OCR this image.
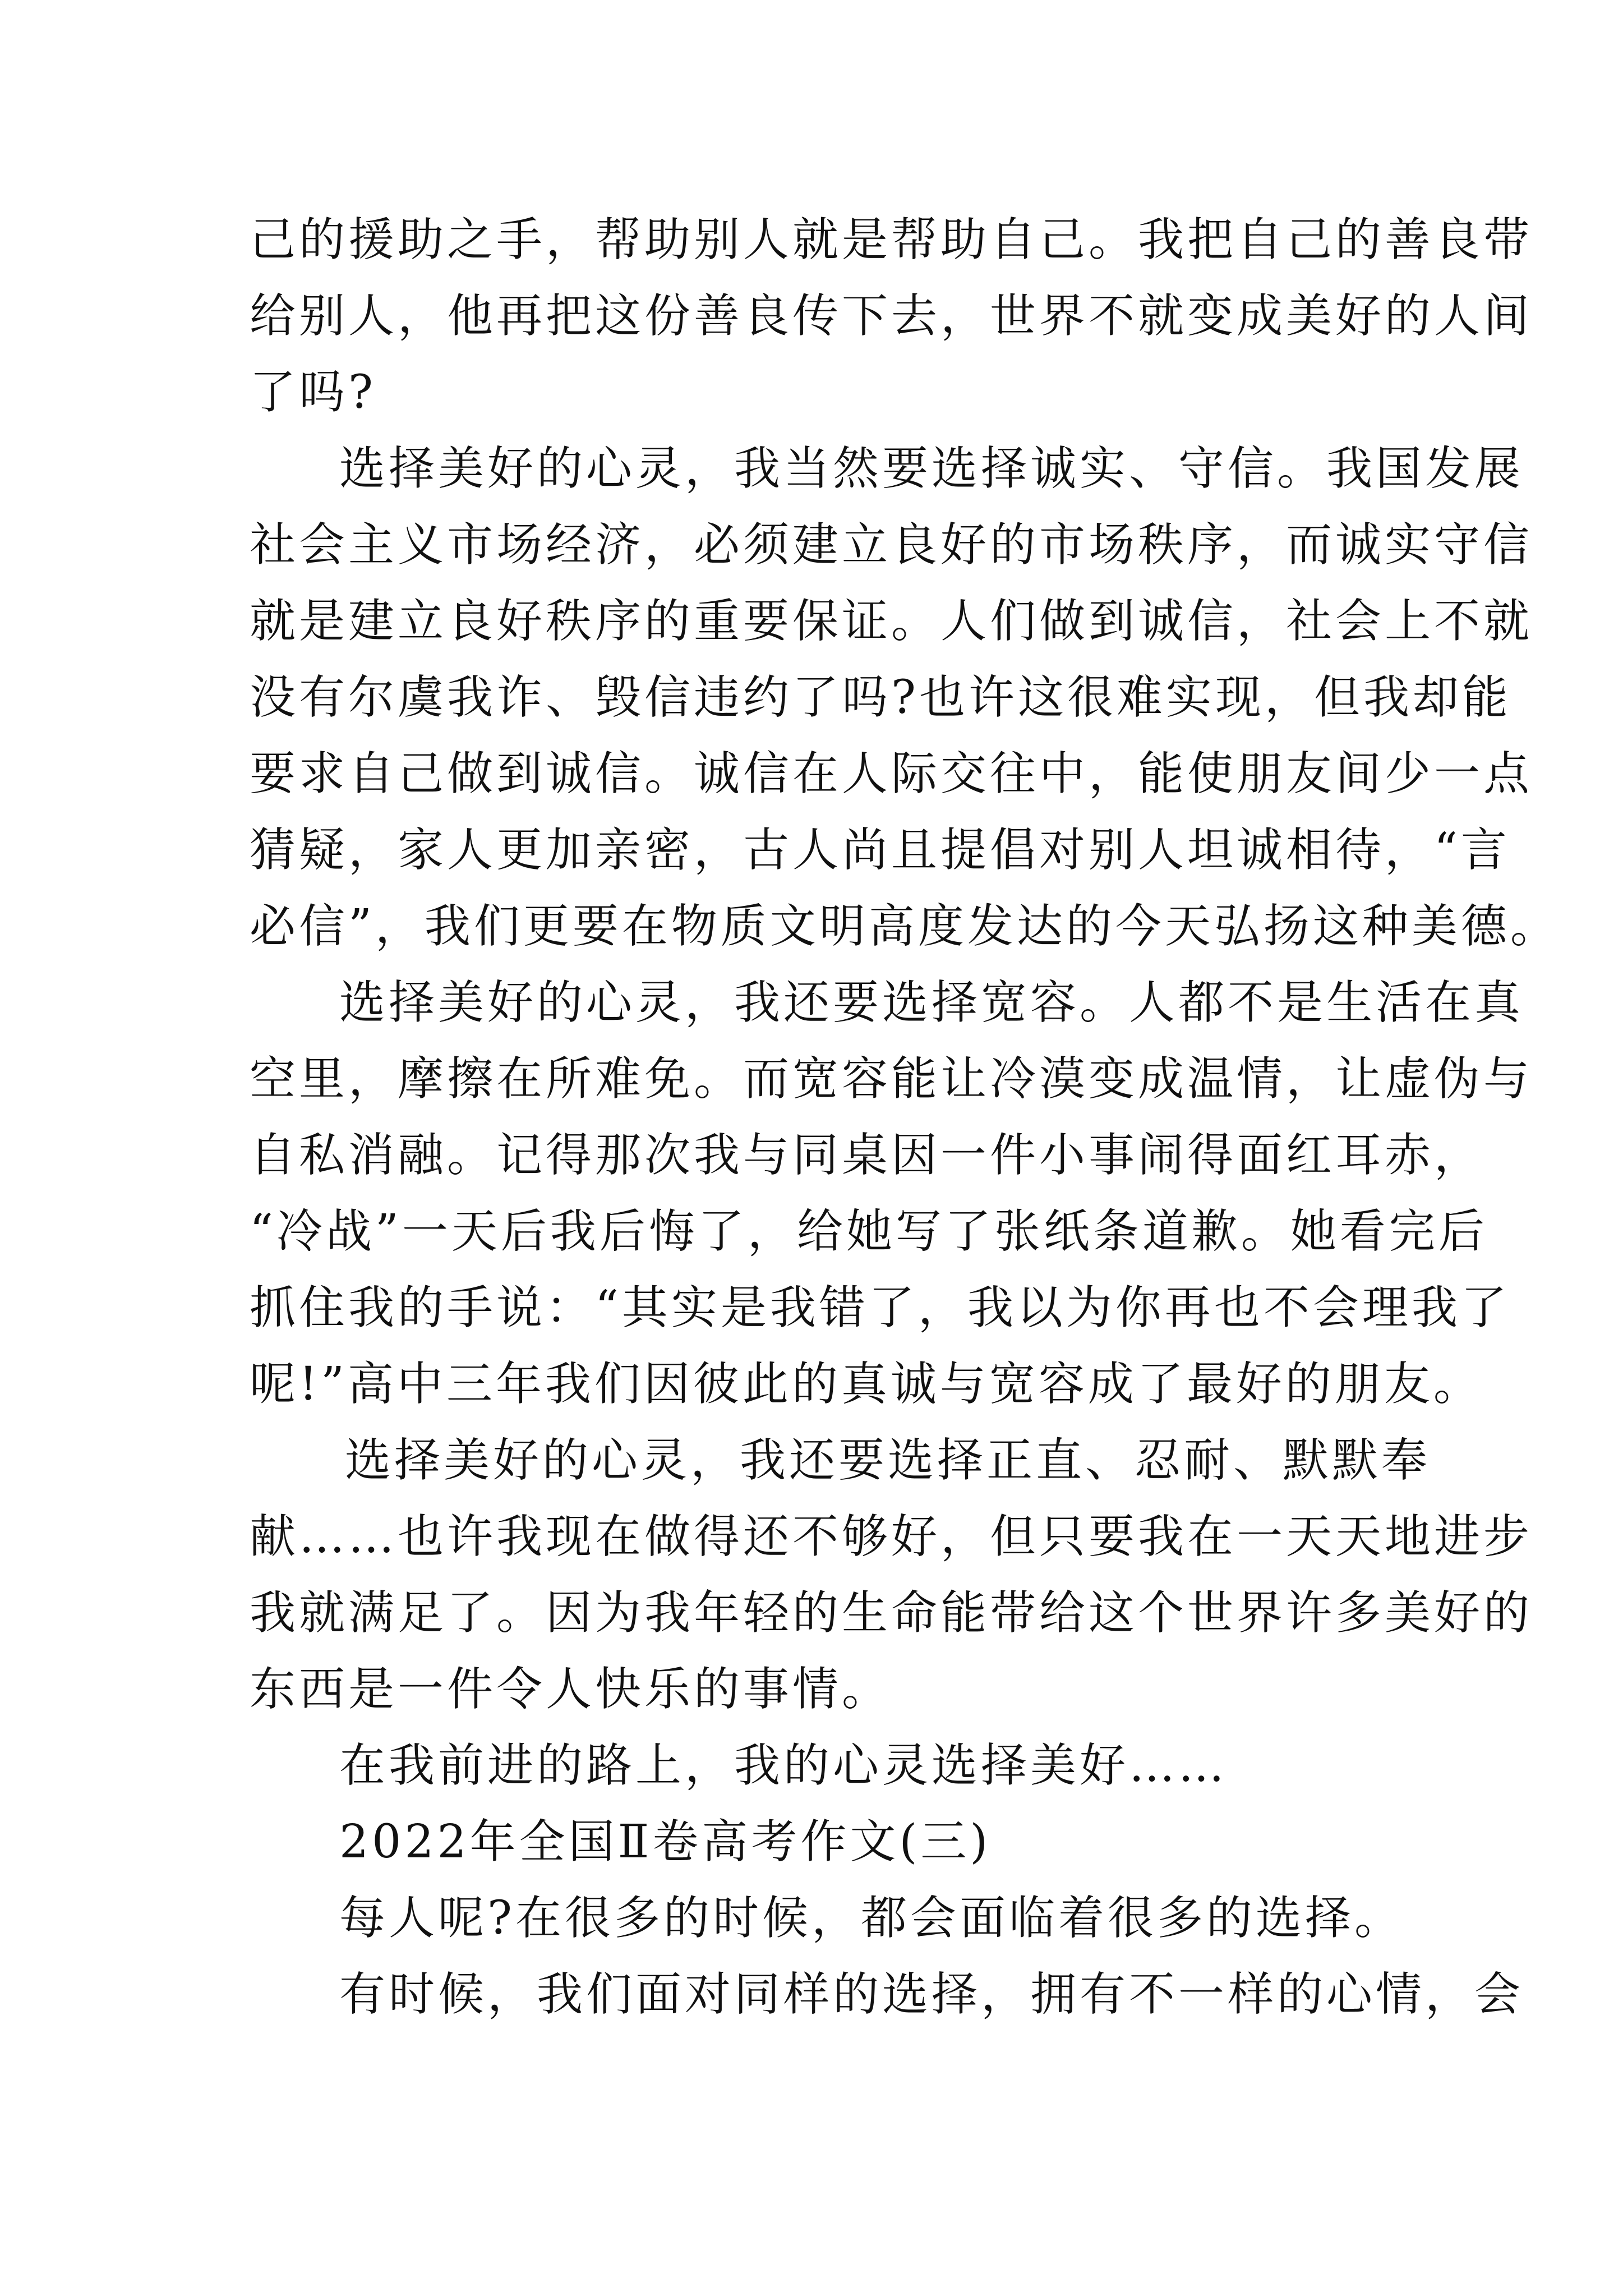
己的援助之手，帮助别人就是帮助自己。我把自己的善良带
给别人，他再把这份善良传下去，世界不就变成美好的人间
了吗?
选择美好的心灵，我当然要选择诚实、守信。我国发展
社会主义市场经济，必须建立良好的市场秩序，而诚实守信
就是建立良好秩序的重要保证。人们做到诚信，社会上不就
没有尔虞我诈、毁信违约了吗?也许这很难实现，但我却能
要求自己做到诚信。诚信在人际交往中，能使朋友间少一点
猜疑，家人更加亲密，古人尚且提倡对别人坦诚相待，“言
必信”，我们更要在物质文明高度发达的今天弘扬这种美德。
选择美好的心灵，我还要选择宽容。人都不是生活在真
空里，摩擦在所难免。而宽容能让冷漠变成温情，让虚伪与
自私消融。记得那次我与同桌因一件小事闹得面红耳赤，
“冷战”一天后我后悔了，给她写了张纸条道歉。她看完后
抓住我的手说：“其实是我错了，我以为你再也不会理我了
呢!”高中三年我们因彼此的真诚与宽容成了最好的朋友。
选择美好的心灵，我还要选择正直、忍耐、默默奉
献……也许我现在做得还不够好，但只要我在一天天地进步
我就满足了。因为我年轻的生命能带给这个世界许多美好的
东西是一件令人快乐的事情。
在我前进的路上，我的心灵选择美好……
2022年全国Ⅱ卷高考作文(三)
每人呢?在很多的时候，都会面临着很多的选择。
有时候，我们面对同样的选择，拥有不一样的心情，会
